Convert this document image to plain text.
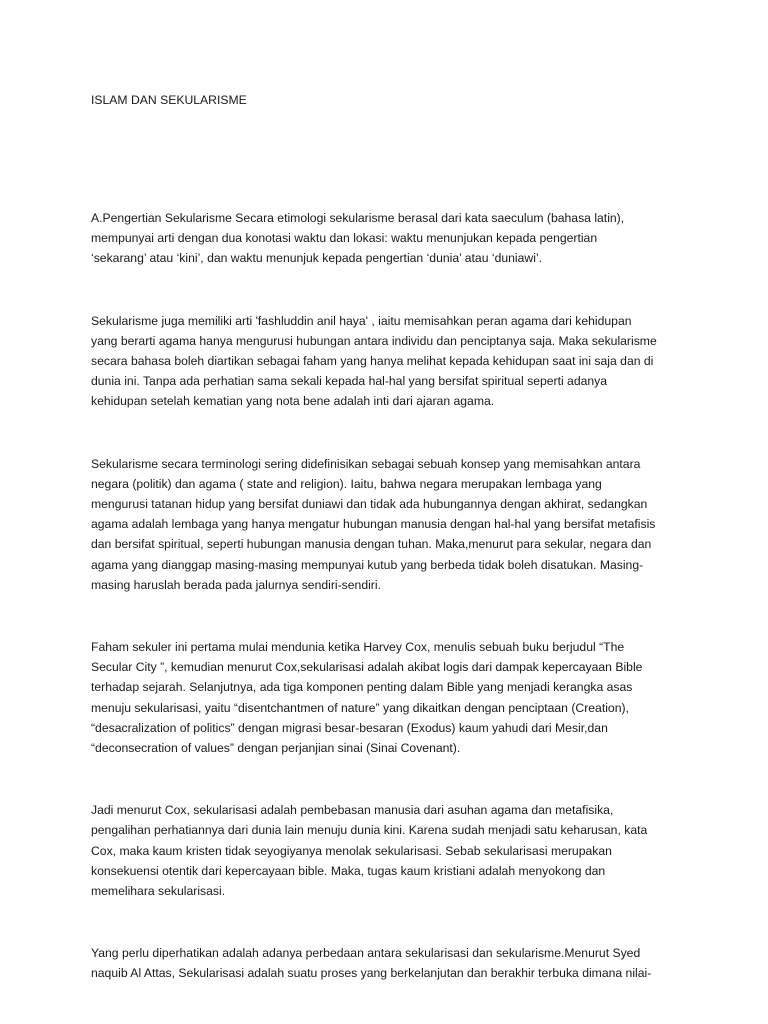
ISLAM DAN SEKULARISME

A.Pengertian Sekularisme Secara etimologi sekularisme berasal dari kata saeculum (bahasa latin),
mempunyai arti dengan dua konotasi waktu dan lokasi: waktu menunjukan kepada pengertian
‘sekarang’ atau ‘kini’, dan waktu menunjuk kepada pengertian ‘dunia’ atau ‘duniawi’.

Sekularisme juga memiliki arti 'fashluddin anil haya' , iaitu memisahkan peran agama dari kehidupan
yang berarti agama hanya mengurusi hubungan antara individu dan penciptanya saja. Maka sekularisme
secara bahasa boleh diartikan sebagai faham yang hanya melihat kepada kehidupan saat ini saja dan di
dunia ini. Tanpa ada perhatian sama sekali kepada hal-hal yang bersifat spiritual seperti adanya
kehidupan setelah kematian yang nota bene adalah inti dari ajaran agama.

Sekularisme secara terminologi sering didefinisikan sebagai sebuah konsep yang memisahkan antara
negara (politik) dan agama ( state and religion). Iaitu, bahwa negara merupakan lembaga yang
mengurusi tatanan hidup yang bersifat duniawi dan tidak ada hubungannya dengan akhirat, sedangkan
agama adalah lembaga yang hanya mengatur hubungan manusia dengan hal-hal yang bersifat metafisis
dan bersifat spiritual, seperti hubungan manusia dengan tuhan. Maka,menurut para sekular, negara dan
agama yang dianggap masing-masing mempunyai kutub yang berbeda tidak boleh disatukan. Masing-
masing haruslah berada pada jalurnya sendiri-sendiri.

Faham sekuler ini pertama mulai mendunia ketika Harvey Cox, menulis sebuah buku berjudul “The
Secular City ”, kemudian menurut Cox,sekularisasi adalah akibat logis dari dampak kepercayaan Bible
terhadap sejarah. Selanjutnya, ada tiga komponen penting dalam Bible yang menjadi kerangka asas
menuju sekularisasi, yaitu “disentchantmen of nature” yang dikaitkan dengan penciptaan (Creation),
“desacralization of politics” dengan migrasi besar-besaran (Exodus) kaum yahudi dari Mesir,dan
“deconsecration of values” dengan perjanjian sinai (Sinai Covenant).

Jadi menurut Cox, sekularisasi adalah pembebasan manusia dari asuhan agama dan metafisika,
pengalihan perhatiannya dari dunia lain menuju dunia kini. Karena sudah menjadi satu keharusan, kata
Cox, maka kaum kristen tidak seyogiyanya menolak sekularisasi. Sebab sekularisasi merupakan
konsekuensi otentik dari kepercayaan bible. Maka, tugas kaum kristiani adalah menyokong dan
memelihara sekularisasi.

Yang perlu diperhatikan adalah adanya perbedaan antara sekularisasi dan sekularisme.Menurut Syed
naquib Al Attas, Sekularisasi adalah suatu proses yang berkelanjutan dan berakhir terbuka dimana nilai-
